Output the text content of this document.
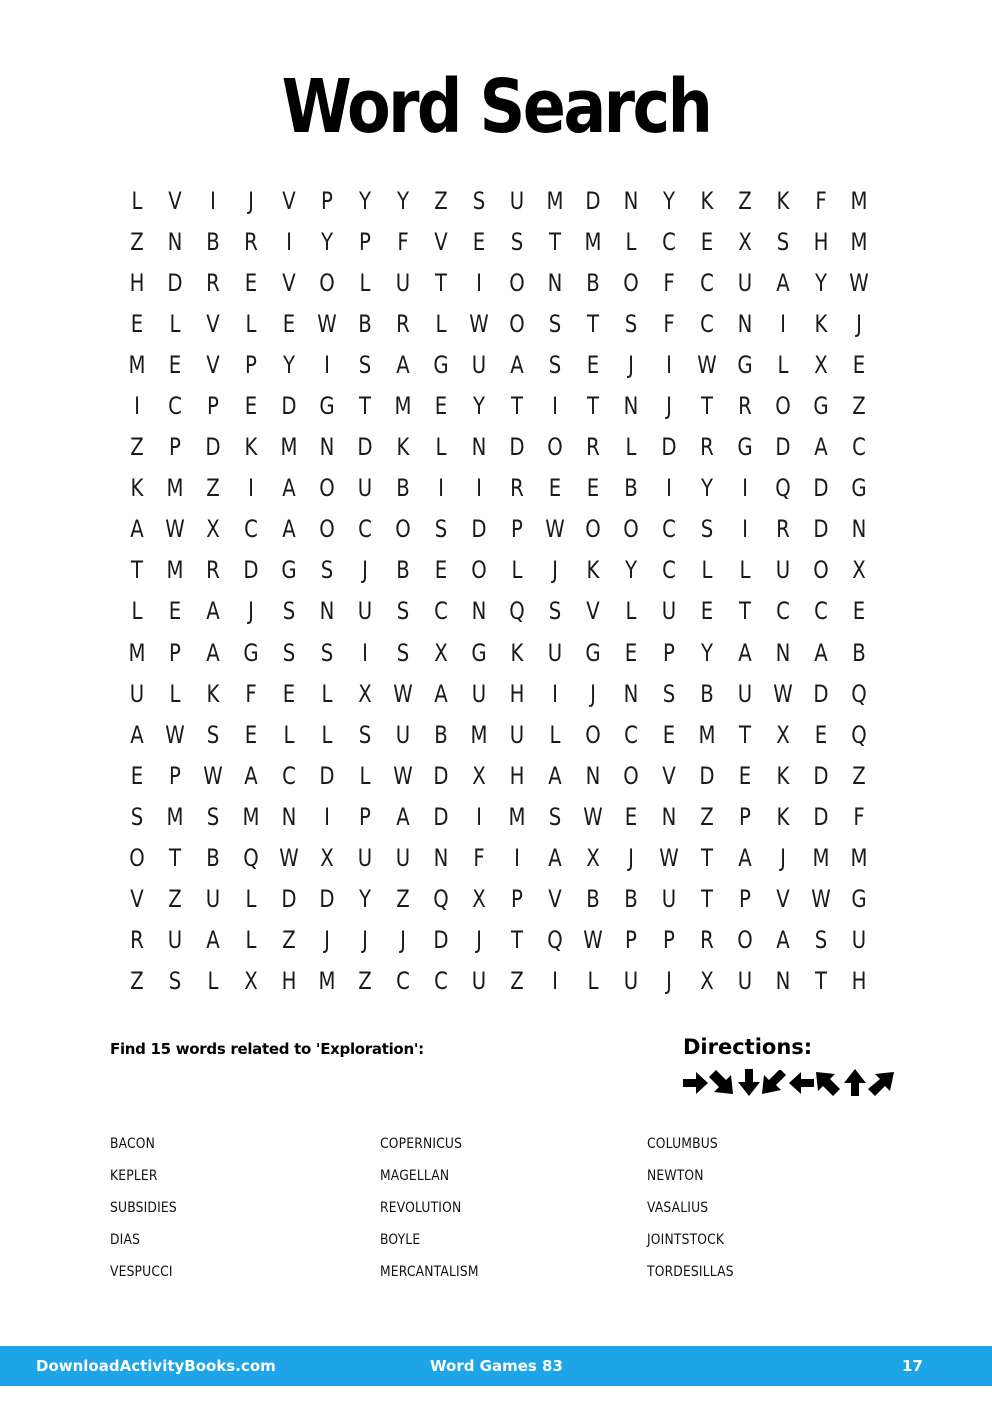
Word Search
L	V	I	J	V	P	Y	Y	Z	S	U M D N	Y	K	Z	K	F M
Z N B	R	I	Y	P	F	V	E	S	T M	L	C	E	X	S	H M
H D R	E	V O	L	U	T	I	O N B O	F	C U	A	Y W
E	L	V	L	E W B	R	L W O	S	T	S	F	C N	I	K	J
M E	V	P	Y	I	S	A G U	A	S	E	J	I	W G	L	X	E
I	C	P	E	D G	T M E	Y	T	I	T	N	J	T	R O G Z
Z	P	D K M N D K	L	N D O R	L	D R G D A	C
K M Z	I	A O U	B	I	I	R	E	E	B	I	Y	I	Q D G
A W X	C	A O C O	S	D	P W O O C	S	I	R D N
T M R D G	S	J	B	E	O	L	J	K	Y	C	L	L	U O X
L	E	A	J	S	N U	S	C N Q	S	V	L	U	E	T	C	C	E
M P	A G	S	S	I	S	X G K	U G	E	P	Y	A N A	B
U	L	K	F	E	L	X W A	U H	I	J	N	S	B	U W D Q
A W S	E	L	L	S	U	B M U	L	O C	E M T	X	E	Q
E	P W A	C D	L W D X H A N O V D	E	K D Z
S M S M N	I	P	A D	I	M S W E	N Z	P	K D	F
O	T	B Q W X	U U N	F	I	A	X	J	W T	A	J	M M
V	Z	U	L	D D	Y	Z Q X	P	V	B	B	U	T	P	V W G
R U	A	L	Z	J	J	J	D	J	T	Q W P	P	R O A	S	U
Z	S	L	X H M Z	C	C U	Z	I	L	U	J	X	U N	T	H
Find 15 words related to 'Exploration':	Directions:
BACON	COPERNICUS	COLUMBUS
KEPLER	MAGELLAN	NEWTON
SUBSIDIES	REVOLUTION	VASALIUS
DIAS	BOYLE	JOINTSTOCK
VESPUCCI	MERCANTALISM	TORDESILLAS
DownloadActivityBooks.com	Word Games 83	17
